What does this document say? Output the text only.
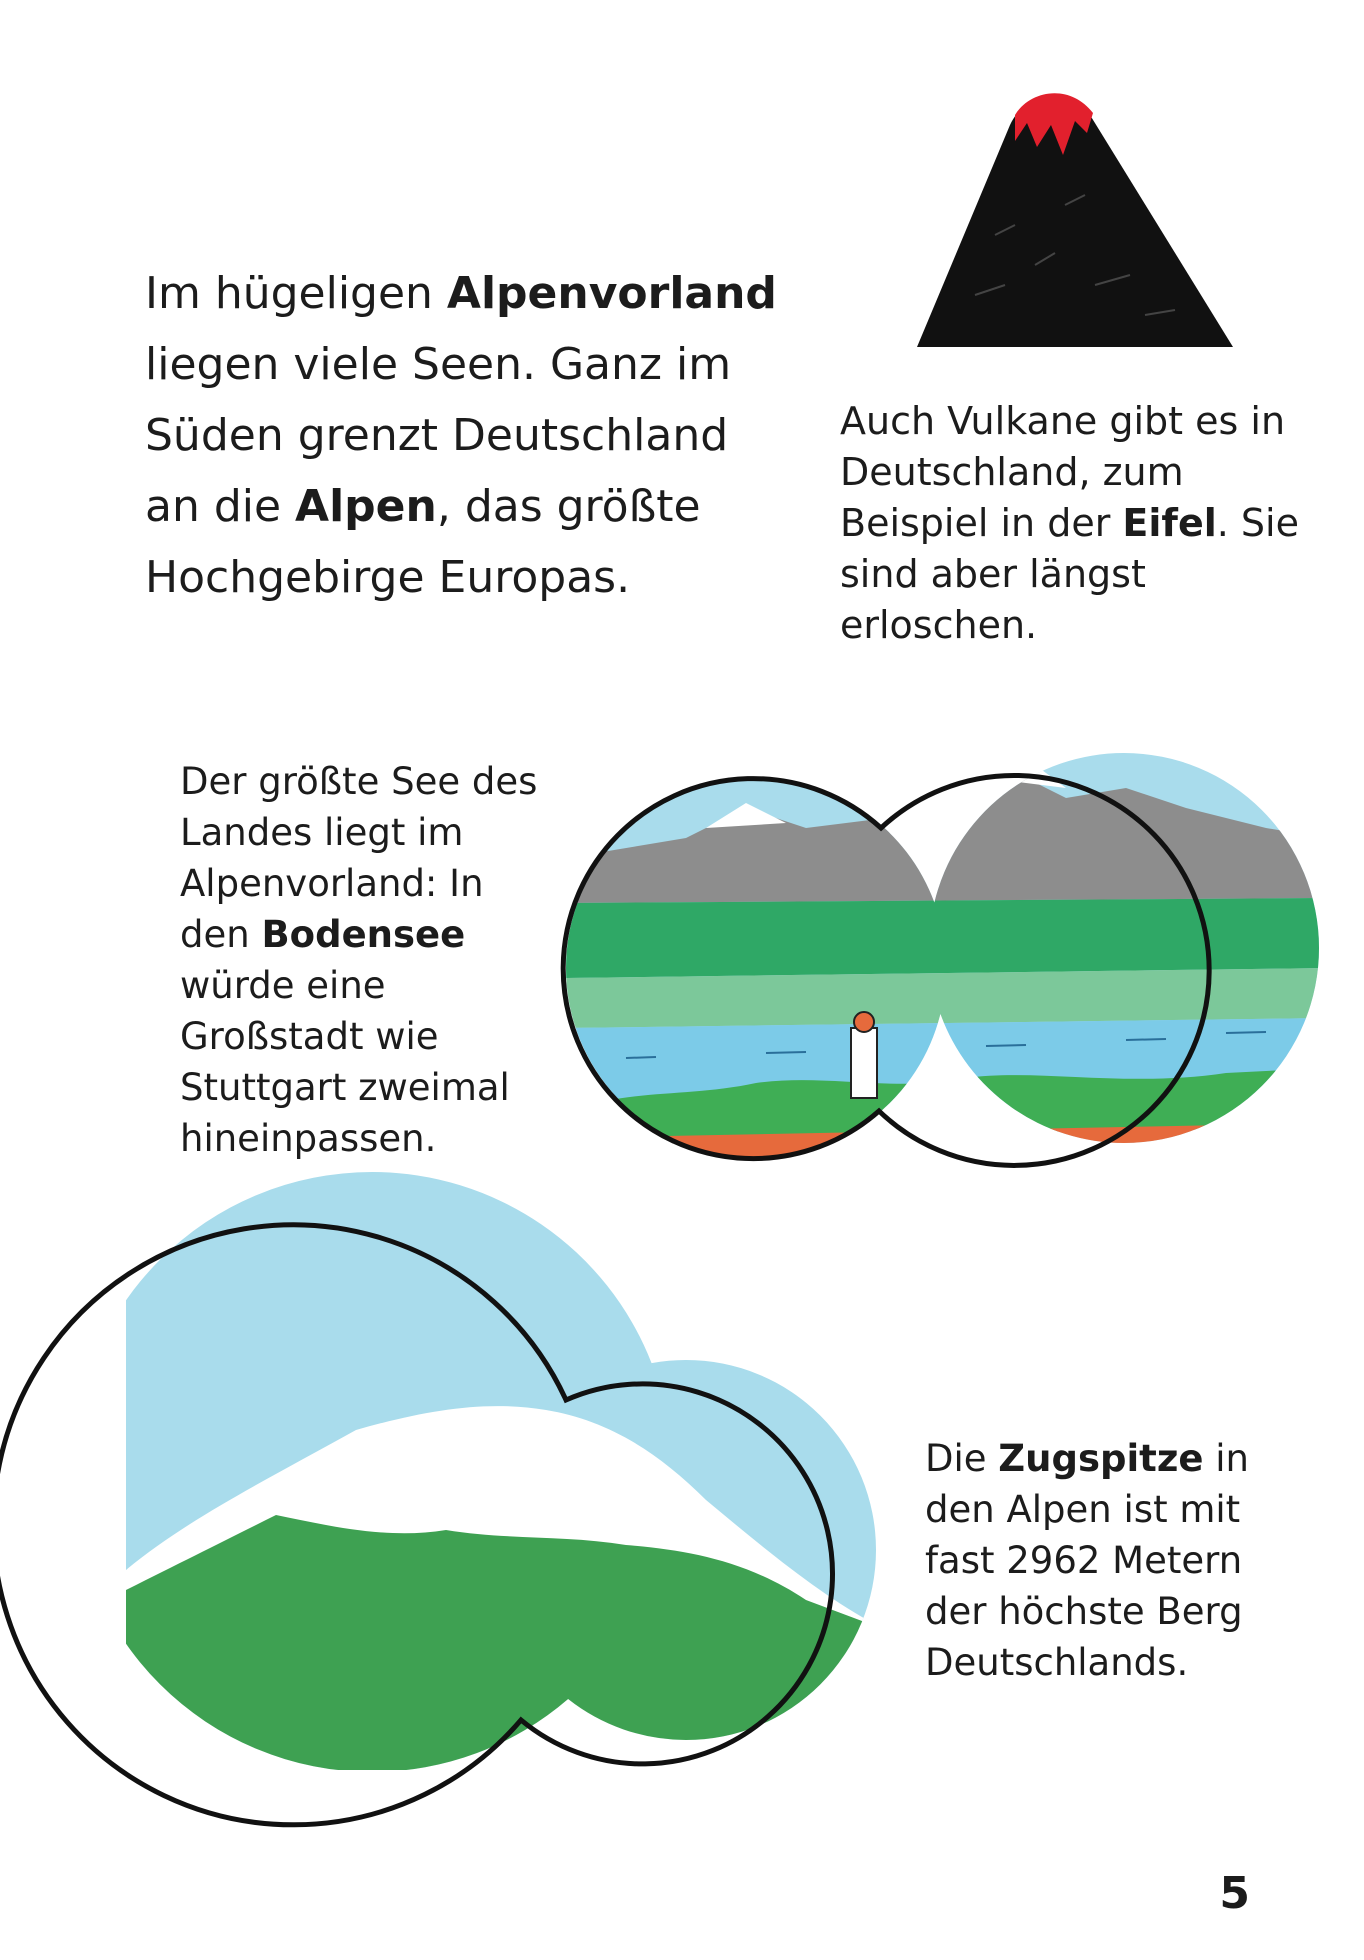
Im hügeligen Alpenvorland liegen viele Seen. Ganz im Süden grenzt Deutschland an die Alpen, das größte Hochgebirge Europas.

Auch Vulkane gibt es in Deutschland, zum Beispiel in der Eifel. Sie sind aber längst erloschen.

Der größte See des Landes liegt im Alpenvorland: In den Bodensee würde eine Großstadt wie Stuttgart zweimal hineinpassen.

Die Zugspitze in den Alpen ist mit fast 2962 Metern der höchste Berg Deutschlands.

5
